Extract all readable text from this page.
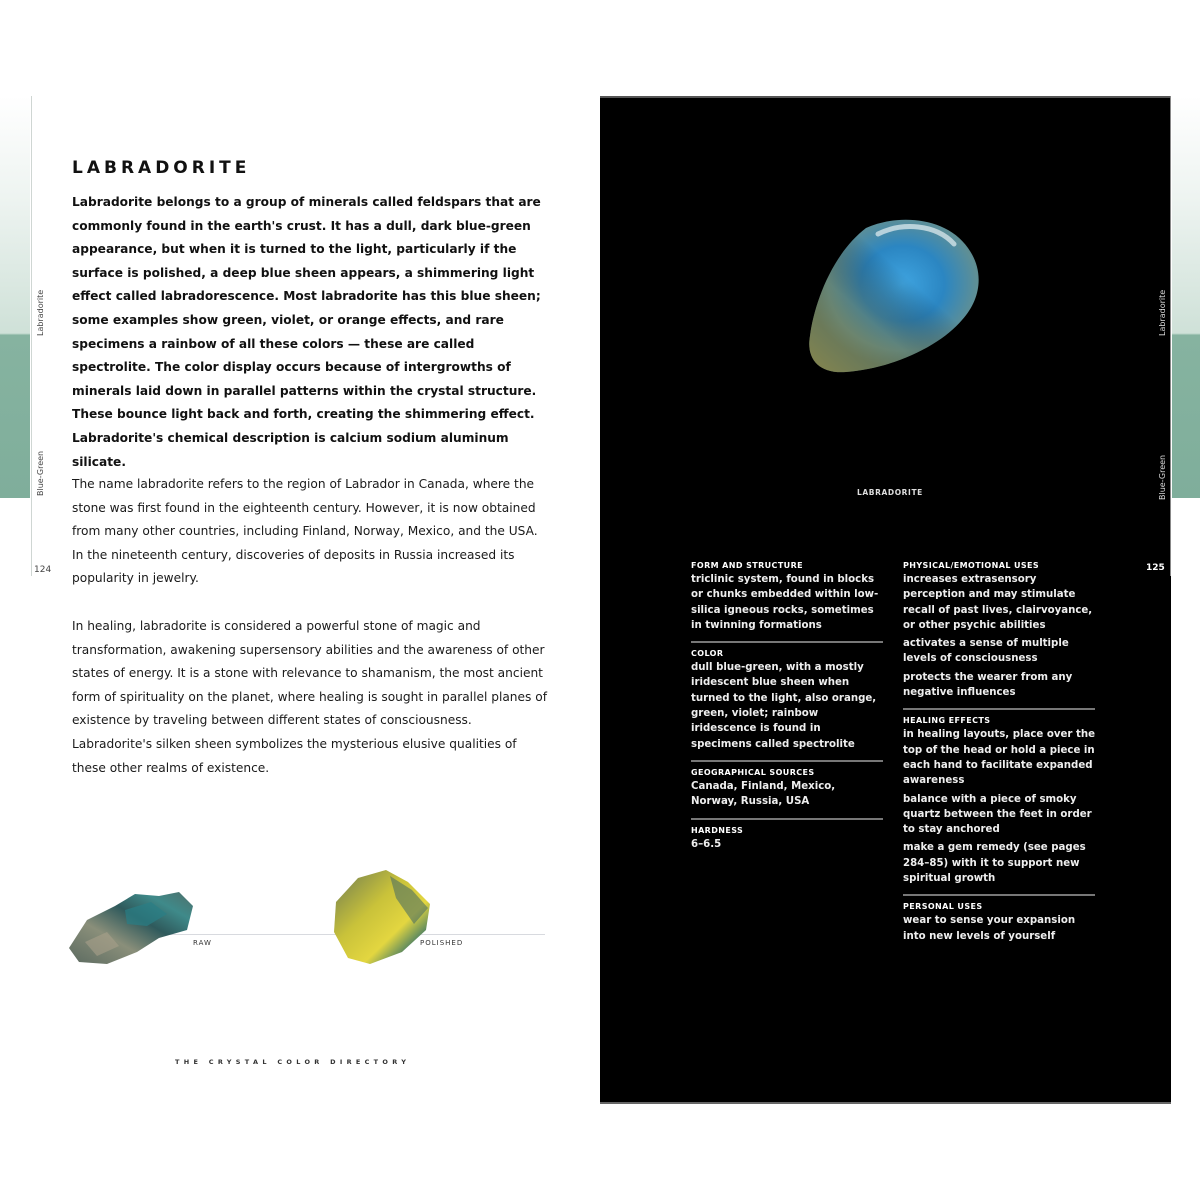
Labradorite
Blue-Green
124
LABRADORITE

Labradorite belongs to a group of minerals called feldspars that are commonly found in the earth's crust. It has a dull, dark blue-green appearance, but when it is turned to the light, particularly if the surface is polished, a deep blue sheen appears, a shimmering light effect called labradorescence. Most labradorite has this blue sheen; some examples show green, violet, or orange effects, and rare specimens a rainbow of all these colors — these are called spectrolite. The color display occurs because of intergrowths of minerals laid down in parallel patterns within the crystal structure. These bounce light back and forth, creating the shimmering effect. Labradorite's chemical description is calcium sodium aluminum silicate.

The name labradorite refers to the region of Labrador in Canada, where the stone was first found in the eighteenth century. However, it is now obtained from many other countries, including Finland, Norway, Mexico, and the USA. In the nineteenth century, discoveries of deposits in Russia increased its popularity in jewelry.

In healing, labradorite is considered a powerful stone of magic and transformation, awakening supersensory abilities and the awareness of other states of energy. It is a stone with relevance to shamanism, the most ancient form of spirituality on the planet, where healing is sought in parallel planes of existence by traveling between different states of consciousness. Labradorite's silken sheen symbolizes the mysterious elusive qualities of these other realms of existence.

RAW	POLISHED
THE CRYSTAL COLOR DIRECTORY
Labradorite
Blue-Green
125
LABRADORITE
FORM AND STRUCTURE
triclinic system, found in blocks or chunks embedded within low-silica igneous rocks, sometimes in twinning formations
COLOR
dull blue-green, with a mostly iridescent blue sheen when turned to the light, also orange, green, violet; rainbow iridescence is found in specimens called spectrolite
GEOGRAPHICAL SOURCES
Canada, Finland, Mexico, Norway, Russia, USA
HARDNESS
6–6.5
PHYSICAL/EMOTIONAL USES
increases extrasensory perception and may stimulate recall of past lives, clairvoyance, or other psychic abilities
activates a sense of multiple levels of consciousness
protects the wearer from any negative influences
HEALING EFFECTS
in healing layouts, place over the top of the head or hold a piece in each hand to facilitate expanded awareness
balance with a piece of smoky quartz between the feet in order to stay anchored
make a gem remedy (see pages 284–85) with it to support new spiritual growth
PERSONAL USES
wear to sense your expansion into new levels of yourself
